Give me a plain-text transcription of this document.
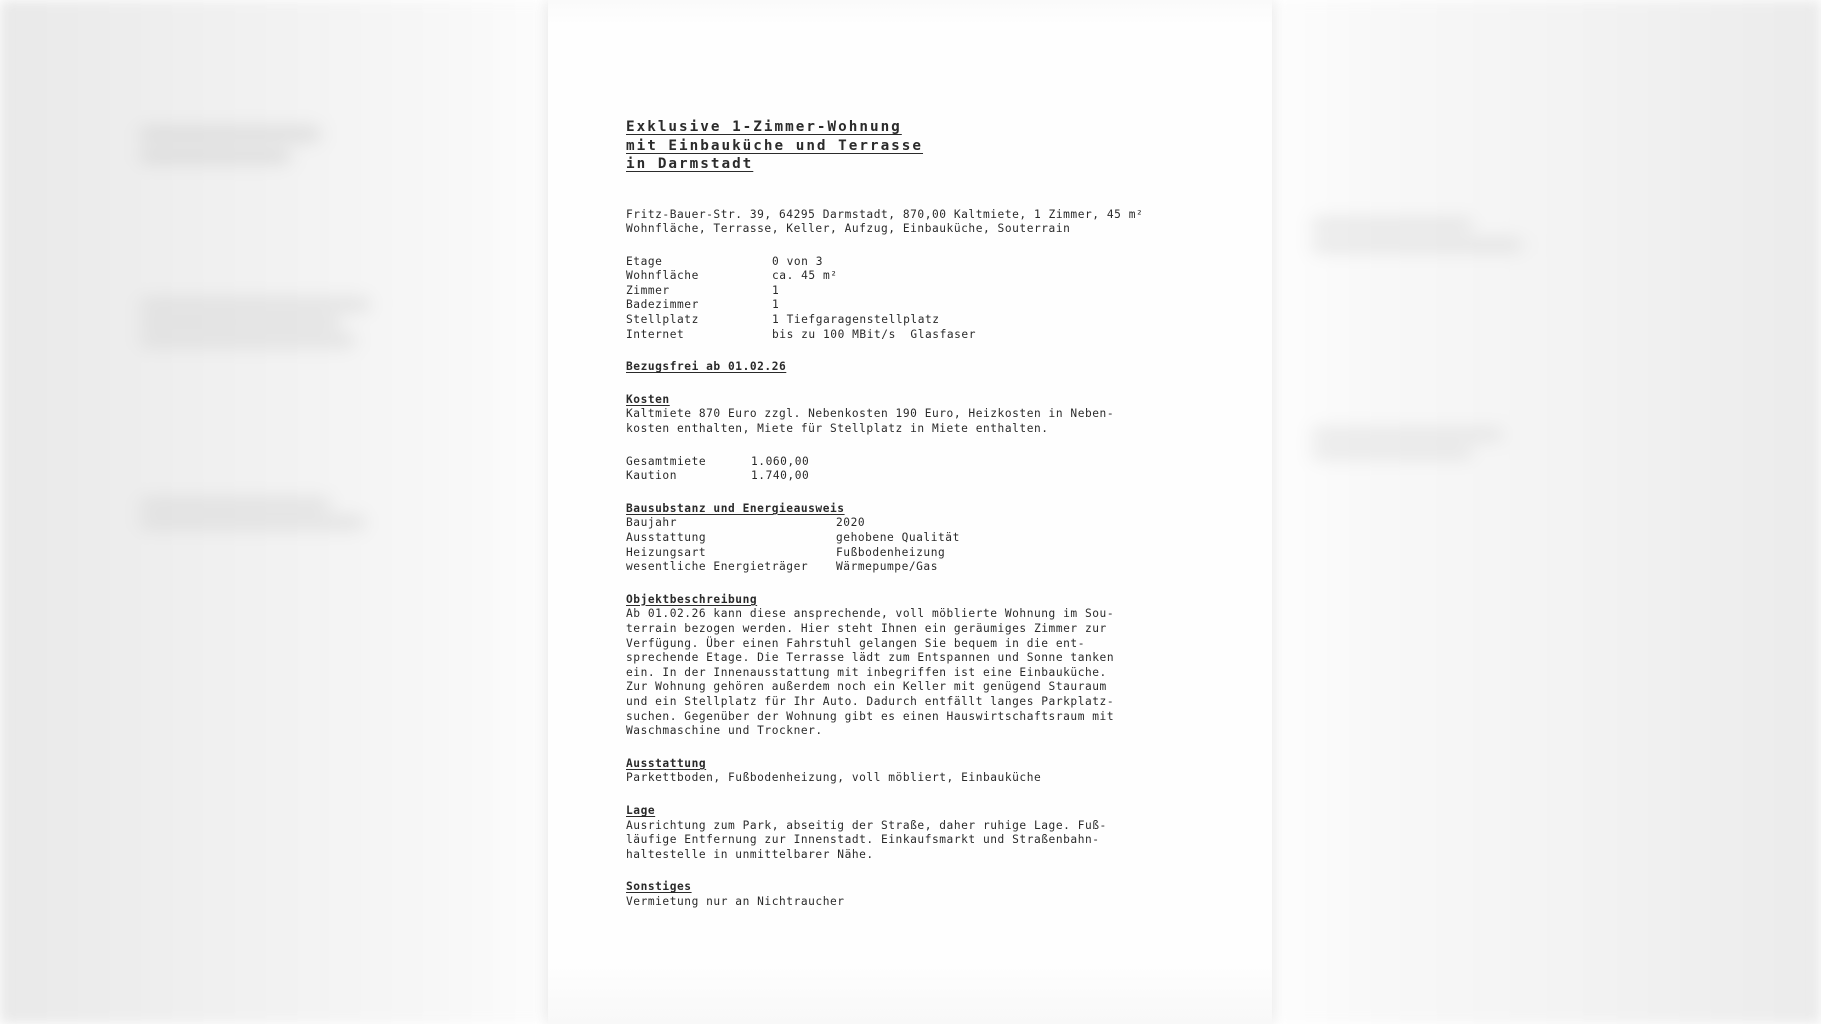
Exklusive 1-Zimmer-Wohnung
mit Einbauküche und Terrasse
in Darmstadt
Fritz-Bauer-Str. 39, 64295 Darmstadt, 870,00 Kaltmiete, 1 Zimmer, 45 m²
Wohnfläche, Terrasse, Keller, Aufzug, Einbauküche, Souterrain
Etage	0 von 3
Wohnfläche	ca. 45 m²
Zimmer	1
Badezimmer	1
Stellplatz	1 Tiefgaragenstellplatz
Internet	bis zu 100 MBit/s  Glasfaser
Bezugsfrei ab 01.02.26
Kosten
Kaltmiete 870 Euro zzgl. Nebenkosten 190 Euro, Heizkosten in Neben-
kosten enthalten, Miete für Stellplatz in Miete enthalten.
Gesamtmiete	1.060,00
Kaution	1.740,00
Bausubstanz und Energieausweis
Baujahr	2020
Ausstattung	gehobene Qualität
Heizungsart	Fußbodenheizung
wesentliche Energieträger	Wärmepumpe/Gas
Objektbeschreibung
Ab 01.02.26 kann diese ansprechende, voll möblierte Wohnung im Sou-
terrain bezogen werden. Hier steht Ihnen ein geräumiges Zimmer zur
Verfügung. Über einen Fahrstuhl gelangen Sie bequem in die ent-
sprechende Etage. Die Terrasse lädt zum Entspannen und Sonne tanken
ein. In der Innenausstattung mit inbegriffen ist eine Einbauküche.
Zur Wohnung gehören außerdem noch ein Keller mit genügend Stauraum
und ein Stellplatz für Ihr Auto. Dadurch entfällt langes Parkplatz-
suchen. Gegenüber der Wohnung gibt es einen Hauswirtschaftsraum mit
Waschmaschine und Trockner.
Ausstattung
Parkettboden, Fußbodenheizung, voll möbliert, Einbauküche
Lage
Ausrichtung zum Park, abseitig der Straße, daher ruhige Lage. Fuß-
läufige Entfernung zur Innenstadt. Einkaufsmarkt und Straßenbahn-
haltestelle in unmittelbarer Nähe.
Sonstiges
Vermietung nur an Nichtraucher
